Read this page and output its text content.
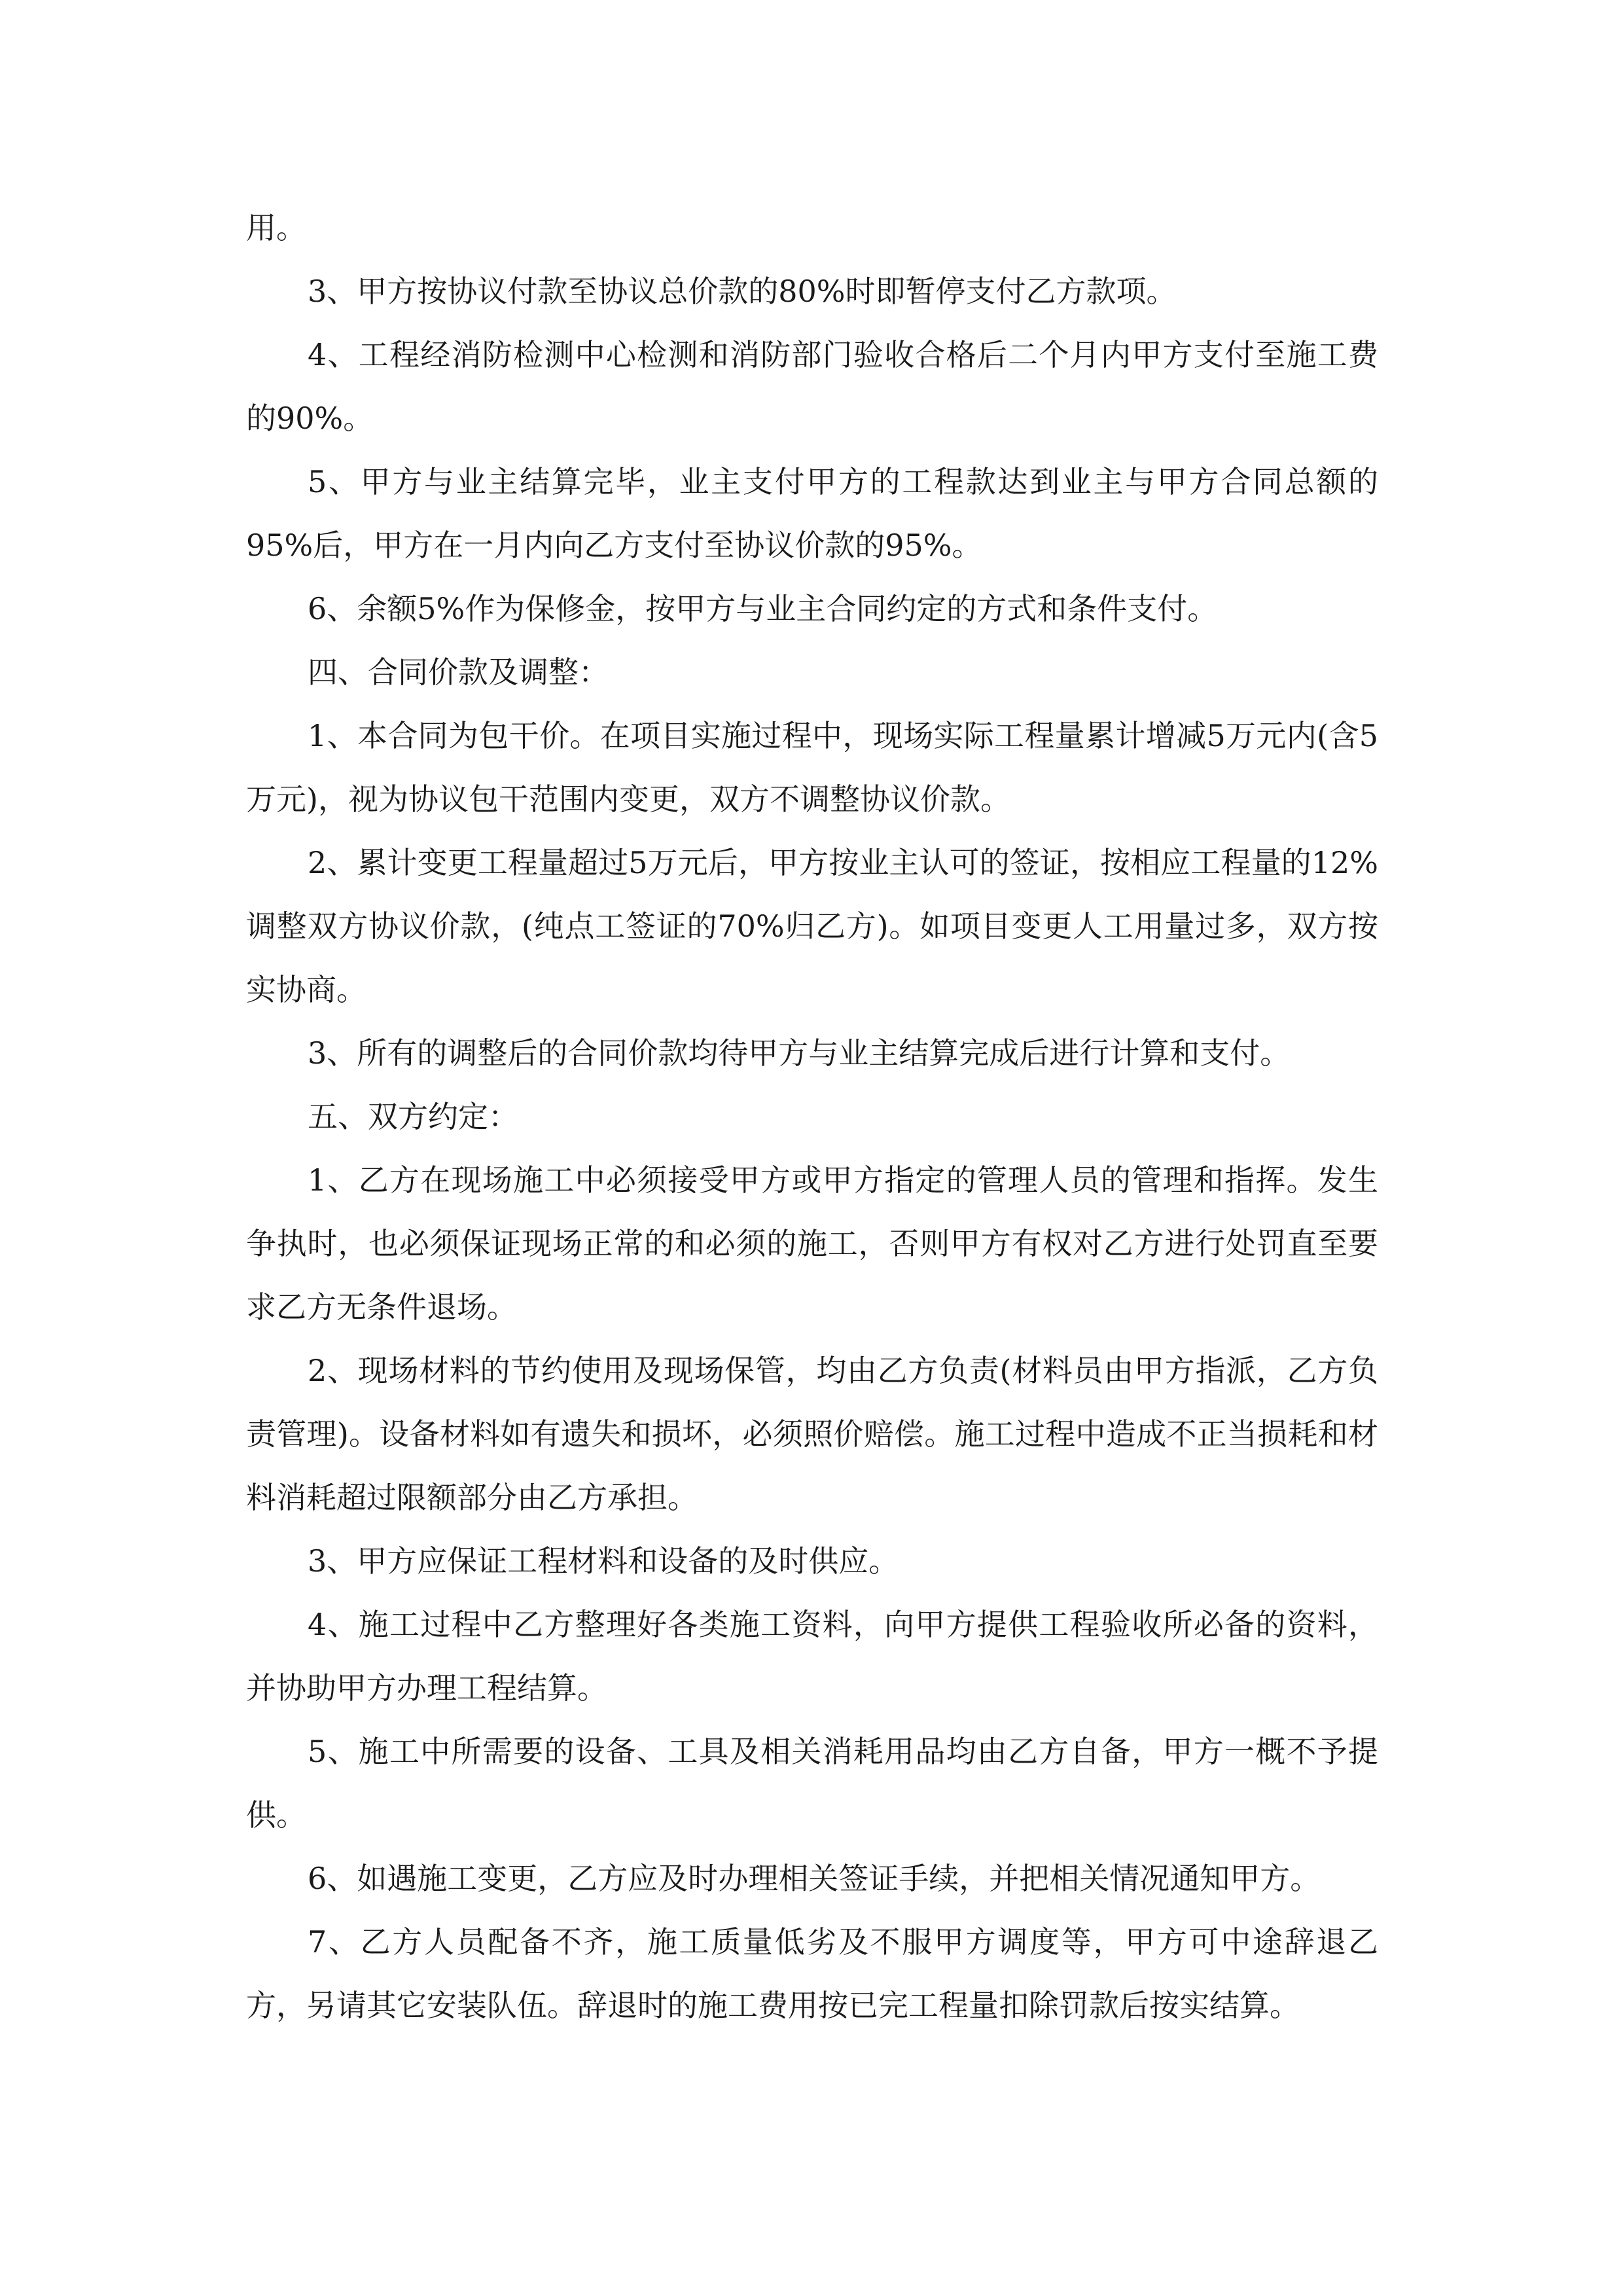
用。

3、甲方按协议付款至协议总价款的80%时即暂停支付乙方款项。

4、工程经消防检测中心检测和消防部门验收合格后二个月内甲方支付至施工费的90%。

5、甲方与业主结算完毕，业主支付甲方的工程款达到业主与甲方合同总额的95%后，甲方在一月内向乙方支付至协议价款的95%。

6、余额5%作为保修金，按甲方与业主合同约定的方式和条件支付。

四、合同价款及调整：

1、本合同为包干价。在项目实施过程中，现场实际工程量累计增减5万元内(含5万元)，视为协议包干范围内变更，双方不调整协议价款。

2、累计变更工程量超过5万元后，甲方按业主认可的签证，按相应工程量的12%调整双方协议价款，(纯点工签证的70%归乙方)。如项目变更人工用量过多，双方按实协商。

3、所有的调整后的合同价款均待甲方与业主结算完成后进行计算和支付。

五、双方约定：

1、乙方在现场施工中必须接受甲方或甲方指定的管理人员的管理和指挥。发生争执时，也必须保证现场正常的和必须的施工，否则甲方有权对乙方进行处罚直至要求乙方无条件退场。

2、现场材料的节约使用及现场保管，均由乙方负责(材料员由甲方指派，乙方负责管理)。设备材料如有遗失和损坏，必须照价赔偿。施工过程中造成不正当损耗和材料消耗超过限额部分由乙方承担。

3、甲方应保证工程材料和设备的及时供应。

4、施工过程中乙方整理好各类施工资料，向甲方提供工程验收所必备的资料，并协助甲方办理工程结算。

5、施工中所需要的设备、工具及相关消耗用品均由乙方自备，甲方一概不予提供。

6、如遇施工变更，乙方应及时办理相关签证手续，并把相关情况通知甲方。

7、乙方人员配备不齐，施工质量低劣及不服甲方调度等，甲方可中途辞退乙方，另请其它安装队伍。辞退时的施工费用按已完工程量扣除罚款后按实结算。
